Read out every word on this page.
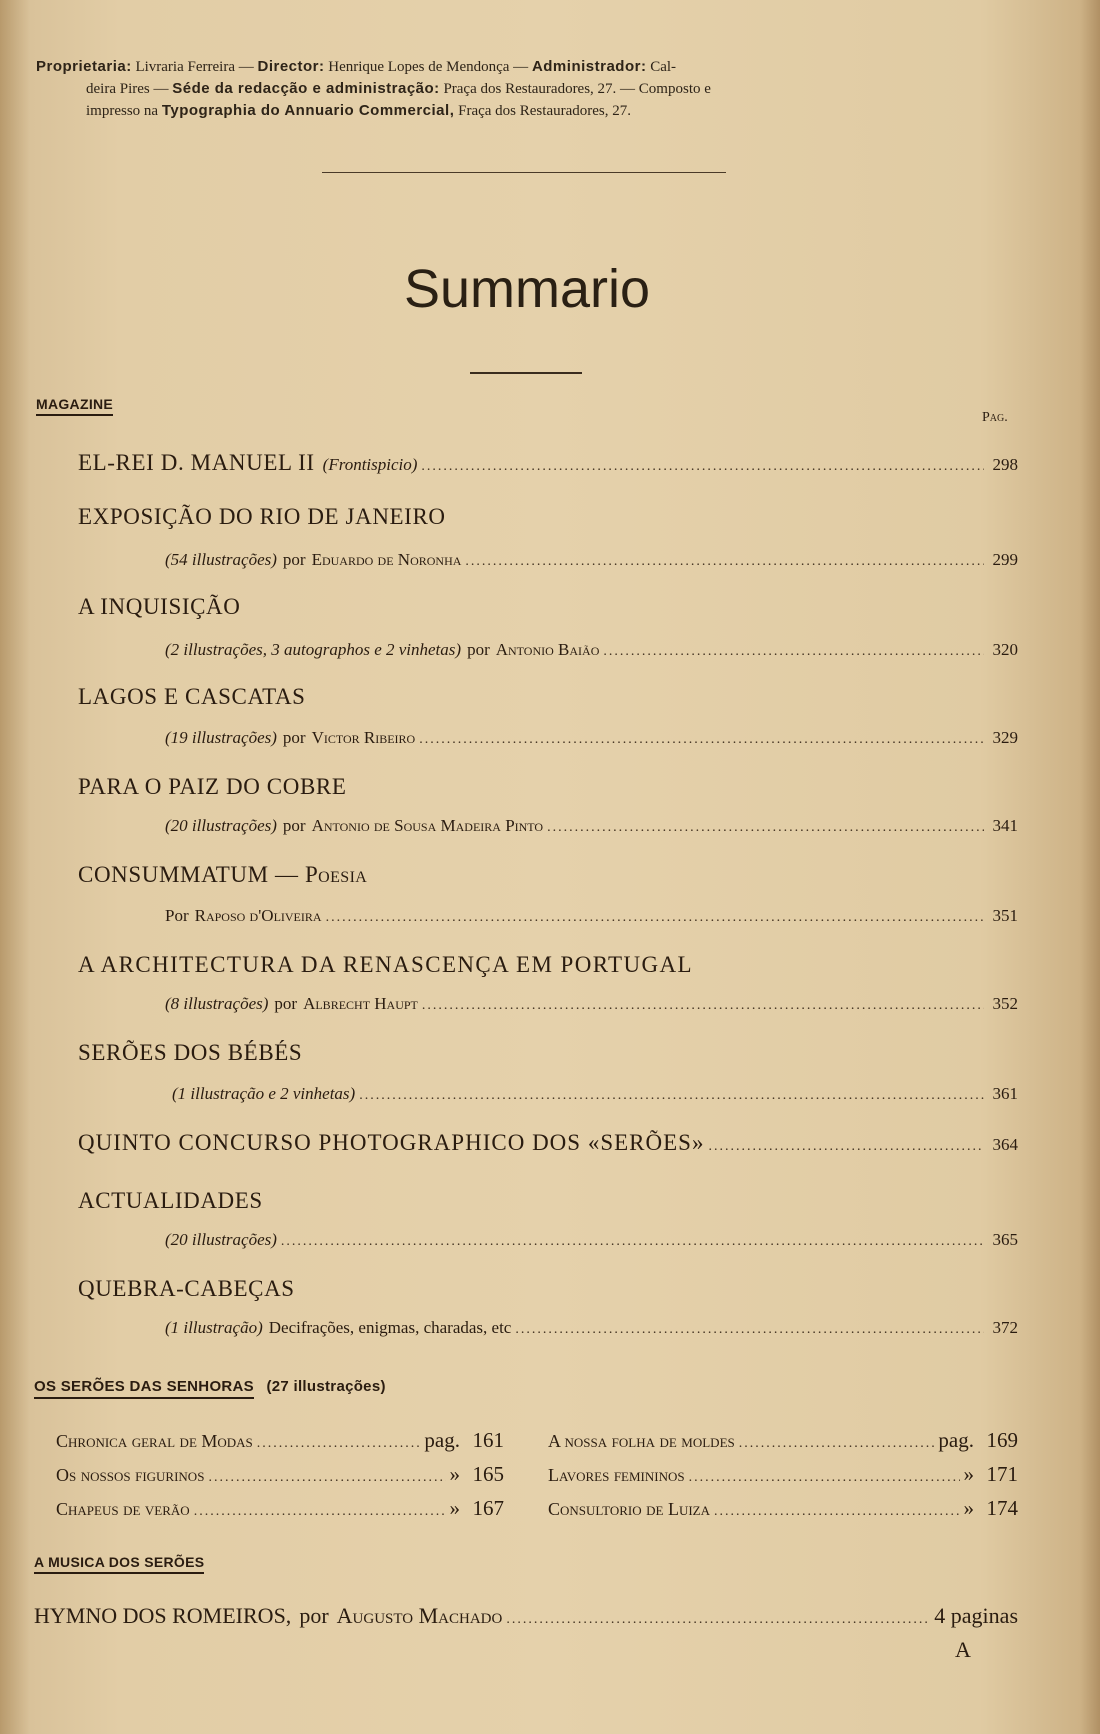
Proprietaria: Livraria Ferreira — Director: Henrique Lopes de Mendonça — Administrador: Cal-
deira Pires — Séde da redacção e administração: Praça dos Restauradores, 27. — Composto e
impresso na Typographia do Annuario Commercial, Fraça dos Restauradores, 27.
Summario
MAGAZINE
Pag.
EL-REI D. MANUEL II (Frontispicio) .....	298
EXPOSIÇÃO DO RIO DE JANEIRO
(54 illustrações) por Eduardo de Noronha .....	299
A INQUISIÇÃO
(2 illustrações, 3 autographos e 2 vinhetas) por Antonio Baião .....	320
LAGOS E CASCATAS
(19 illustrações) por Victor Ribeiro .....	329
PARA O PAIZ DO COBRE
(20 illustrações) por Antonio de Sousa Madeira Pinto .....	341
CONSUMMATUM — Poesia
Por Raposo d'Oliveira .....	351
A ARCHITECTURA DA RENASCENÇA EM PORTUGAL
(8 illustrações) por Albrecht Haupt .....	352
SERÕES DOS BÉBÉS
(1 illustração e 2 vinhetas) .....	361
QUINTO CONCURSO PHOTOGRAPHICO DOS «SERÕES» .....	364
ACTUALIDADES
(20 illustrações) .....	365
QUEBRA-CABEÇAS
(1 illustração) Decifrações, enigmas, charadas, etc .....	372
OS SERÕES DAS SENHORAS (27 illustrações)
Chronica geral de Modas .....	pag. 161
Os nossos figurinos .....	» 165
Chapeus de verão .....	» 167
A nossa folha de moldes .....	pag. 169
Lavores femininos .....	» 171
Consultorio de Luiza .....	» 174
A MUSICA DOS SERÕES
HYMNO DOS ROMEIROS, por Augusto Machado .....	4 paginas
A
